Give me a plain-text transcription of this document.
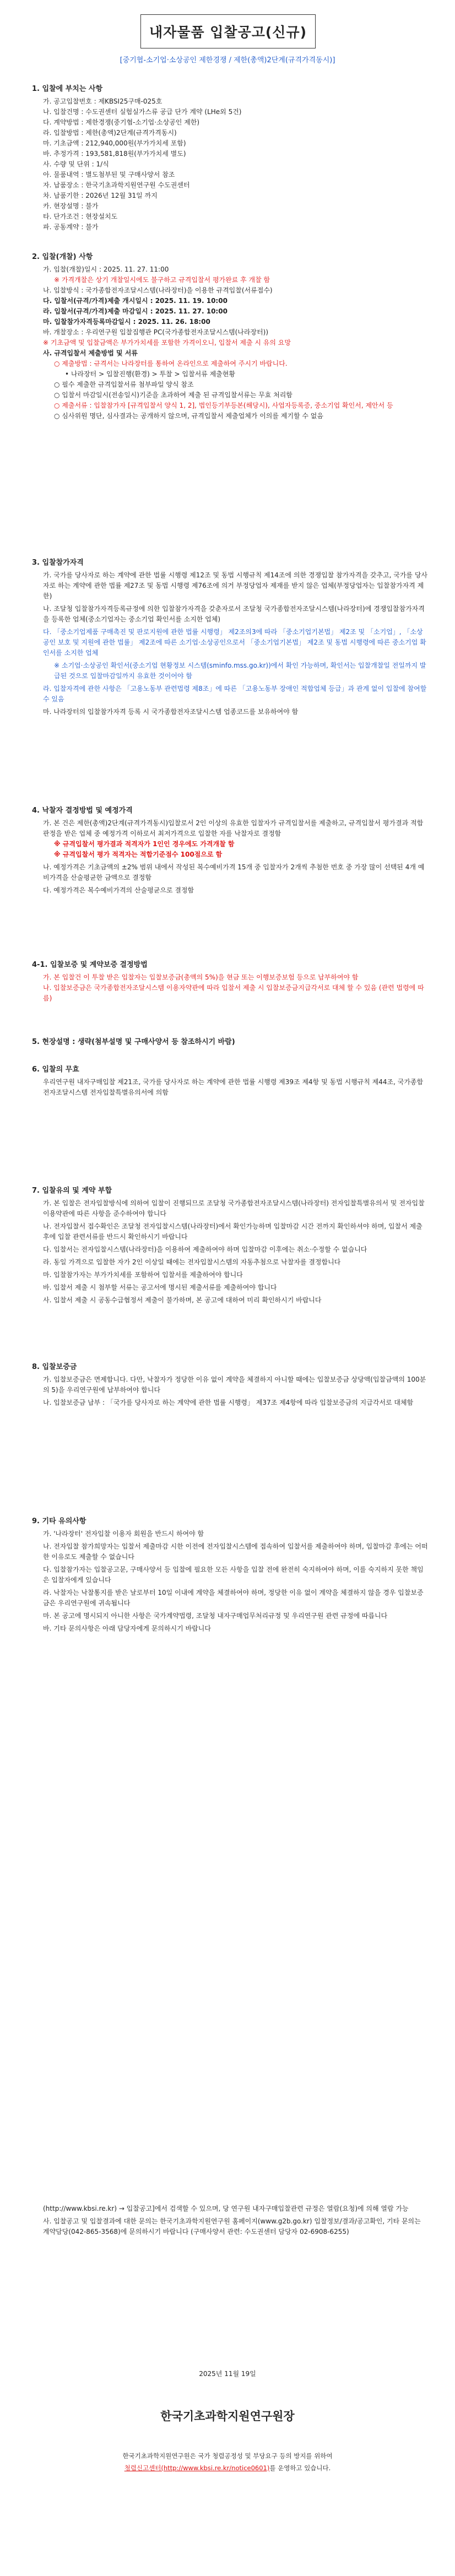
내자물품 입찰공고(신규)
[중기협-소기업·소상공인 제한경쟁 / 제한(총액)2단계(규격가격동시)]
1. 입찰에 부치는 사항
가. 공고입찰번호 : 제KBSI25구매-025호
나. 입찰건명 : 수도권센터 실험실가스류 공급 단가 계약 (LHe외 5건)
다. 계약방법 : 제한경쟁(중기협-소기업·소상공인 제한)
라. 입찰방법 : 제한(총액)2단계(규격가격동시)
마. 기초금액 : 212,940,000원(부가가치세 포함)
바. 추정가격 : 193,581,818원(부가가치세 별도)
사. 수량 및 단위 : 1/식
아. 물품내역 : 별도첨부된 및 구매사양서 참조
자. 납품장소 : 한국기초과학지원연구원 수도권센터
차. 납품기한 : 2026년 12월 31일 까지
카. 현장설명 : 불가
타. 단가조건 : 현장설치도
파. 공동계약 : 불가
2. 입찰(개찰) 사항
가. 입찰(개찰)일시 : 2025. 11. 27. 11:00
※ 가격개찰은 상기 개찰일시에도 불구하고 규격입찰서 평가완료 후 개찰 함
나. 입찰방식 : 국가종합전자조달시스템(나라장터)을 이용한 규격입찰(서류접수)
다. 입찰서(규격/가격)제출 개시일시 : 2025. 11. 19. 10:00
라. 입찰서(규격/가격)제출 마감일시 : 2025. 11. 27. 10:00
마. 입찰참가자격등록마감일시 : 2025. 11. 26. 18:00
바. 개찰장소 : 우리연구원 입찰집행관 PC(국가종합전자조달시스템(나라장터))
※ 기초금액 및 입찰금액은 부가가치세를 포함한 가격이오니, 입찰서 제출 시 유의 요망
사. 규격입찰서 제출방법 및 서류
○ 제출방법 : 규격서는 나라장터를 통하여 온라인으로 제출하여 주시기 바랍니다.
• 나라장터 > 입찰진행(환경) > 투찰 > 입찰서류 제출현황
○ 필수 제출한 규격입찰서류 첨부파일 양식 참조
○ 입찰서 마감일시(전송일시)기준을 초과하여 제출 된 규격입찰서류는 무효 처리함
○ 제출서류 : 입찰참가자 [규격입찰서 양식 1, 2], 법인등기부등본(해당시), 사업자등록증, 중소기업 확인서, 제안서 등
○ 심사위원 명단, 심사결과는 공개하지 않으며, 규격입찰서 제출업체가 이의를 제기할 수 없음
3. 입찰참가자격
가. 국가를 당사자로 하는 계약에 관한 법률 시행령 제12조 및 동법 시행규칙 제14조에 의한 경쟁입찰 참가자격을 갖추고, 국가를 당사자로 하는 계약에 관한 법률 제27조 및 동법 시행령 제76조에 의거 부정당업자 제재를 받지 않은 업체(부정당업자는 입찰참가자격 제한)
나. 조달청 입찰참가자격등록규정에 의한 입찰참가자격을 갖춘자로서 조달청 국가종합전자조달시스템(나라장터)에 경쟁입찰참가자격을 등록한 업체(중소기업자는 중소기업 확인서를 소지한 업체)
다. 「중소기업제품 구매촉진 및 판로지원에 관한 법률 시행령」 제2조의3에 따라 「중소기업기본법」 제2조 및 「소기업」, 「소상공인 보호 및 지원에 관한 법률」 제2조에 따른 소기업·소상공인으로서 「중소기업기본법」 제2조 및 동법 시행령에 따른 중소기업 확인서를 소지한 업체
※ 소기업·소상공인 확인서(중소기업 현황정보 시스템(sminfo.mss.go.kr))에서 확인 가능하며, 확인서는 입찰개찰일 전일까지 발급된 것으로 입찰마감일까지 유효한 것이어야 함
라. 입찰자격에 관한 사항은 「고용노동부 관련법령 제8조」에 따른 「고용노동부 장애인 적합업체 등급」과 관계 없이 입찰에 참여할 수 있음
마. 나라장터의 입찰참가자격 등록 시 국가종합전자조달시스템 업종코드를 보유하여야 함
4. 낙찰자 결정방법 및 예정가격
가. 본 건은 제한(총액)2단계(규격가격동시)입찰로서 2인 이상의 유효한 입찰자가 규격입찰서를 제출하고, 규격입찰서 평가결과 적합 판정을 받은 업체 중 예정가격 이하로서 최저가격으로 입찰한 자를 낙찰자로 결정함
※ 규격입찰서 평가결과 적격자가 1인인 경우에도 가격개찰 함
※ 규격입찰서 평가 적격자는 적합기준점수 100점으로 함
나. 예정가격은 기초금액의 ±2% 범위 내에서 작성된 복수예비가격 15개 중 입찰자가 2개씩 추첨한 번호 중 가장 많이 선택된 4개 예비가격을 산술평균한 금액으로 결정함
다. 예정가격은 복수예비가격의 산술평균으로 결정함
4-1. 입찰보증 및 계약보증 결정방법
가. 본 입찰건 이 투찰 받은 입찰자는 입찰보증금(총액의 5%)을 현금 또는 이행보증보험 등으로 납부하여야 함
나. 입찰보증금은 국가종합전자조달시스템 이용자약관에 따라 입찰서 제출 시 입찰보증금지급각서로 대체 할 수 있음 (관련 법령에 따름)
5. 현장설명 : 생략(첨부설명 및 구매사양서 등 참조하시기 바람)
6. 입찰의 무효
우리연구원 내자구매입찰 제21조, 국가를 당사자로 하는 계약에 관한 법률 시행령 제39조 제4항 및 동법 시행규칙 제44조, 국가종합전자조달시스템 전자입찰특별유의서에 의함
7. 입찰유의 및 계약 부합
가. 본 입찰은 전자입찰방식에 의하여 입찰이 진행되므로 조달청 국가종합전자조달시스템(나라장터) 전자입찰특별유의서 및 전자입찰이용약관에 따른 사항을 준수하여야 합니다
나. 전자입찰서 접수확인은 조달청 전자입찰시스템(나라장터)에서 확인가능하며 입찰마감 시간 전까지 확인하셔야 하며, 입찰서 제출 후에 입찰 관련서류를 반드시 확인하시기 바랍니다
다. 입찰서는 전자입찰시스템(나라장터)을 이용하여 제출하여야 하며 입찰마감 이후에는 취소·수정할 수 없습니다
라. 동일 가격으로 입찰한 자가 2인 이상일 때에는 전자입찰시스템의 자동추첨으로 낙찰자를 결정합니다
마. 입찰참가자는 부가가치세를 포함하여 입찰서를 제출하여야 합니다
바. 입찰서 제출 시 첨부할 서류는 공고서에 명시된 제출서류를 제출하여야 합니다
사. 입찰서 제출 시 공동수급협정서 제출이 불가하며, 본 공고에 대하여 미리 확인하시기 바랍니다
8. 입찰보증금
가. 입찰보증금은 면제합니다. 다만, 낙찰자가 정당한 이유 없이 계약을 체결하지 아니할 때에는 입찰보증금 상당액(입찰금액의 100분의 5)을 우리연구원에 납부하여야 합니다
나. 입찰보증금 납부 : 「국가를 당사자로 하는 계약에 관한 법률 시행령」 제37조 제4항에 따라 입찰보증금의 지급각서로 대체함
9. 기타 유의사항
가. '나라장터' 전자입찰 이용자 회원을 반드시 하여야 함
나. 전자입찰 참가희망자는 입찰서 제출마감 시한 이전에 전자입찰시스템에 접속하여 입찰서를 제출하여야 하며, 입찰마감 후에는 어떠한 이유로도 제출할 수 없습니다
다. 입찰참가자는 입찰공고문, 구매사양서 등 입찰에 필요한 모든 사항을 입찰 전에 완전히 숙지하여야 하며, 이를 숙지하지 못한 책임은 입찰자에게 있습니다
라. 낙찰자는 낙찰통지를 받은 날로부터 10일 이내에 계약을 체결하여야 하며, 정당한 이유 없이 계약을 체결하지 않을 경우 입찰보증금은 우리연구원에 귀속됩니다
마. 본 공고에 명시되지 아니한 사항은 국가계약법령, 조달청 내자구매업무처리규정 및 우리연구원 관련 규정에 따릅니다
바. 기타 문의사항은 아래 담당자에게 문의하시기 바랍니다
(http://www.kbsi.re.kr) → 입찰공고]에서 검색할 수 있으며, 당 연구원 내자구매입찰관련 규정은 열람(요청)에 의해 열람 가능
사. 입찰공고 및 입찰결과에 대한 문의는 한국기초과학지원연구원 홈페이지(www.g2b.go.kr) 입찰정보/결과/공고확인, 기타 문의는 계약담당(042-865-3568)에 문의하시기 바랍니다 (구매사양서 관련: 수도권센터 담당자 02-6908-6255)
2025년 11월 19일
한국기초과학지원연구원장
한국기초과학지원연구원은 국가 청렴공정성 및 부당요구 등의 방지를 위하여
청렴신고센터(http://www.kbsi.re.kr/notice0601)를 운영하고 있습니다.
